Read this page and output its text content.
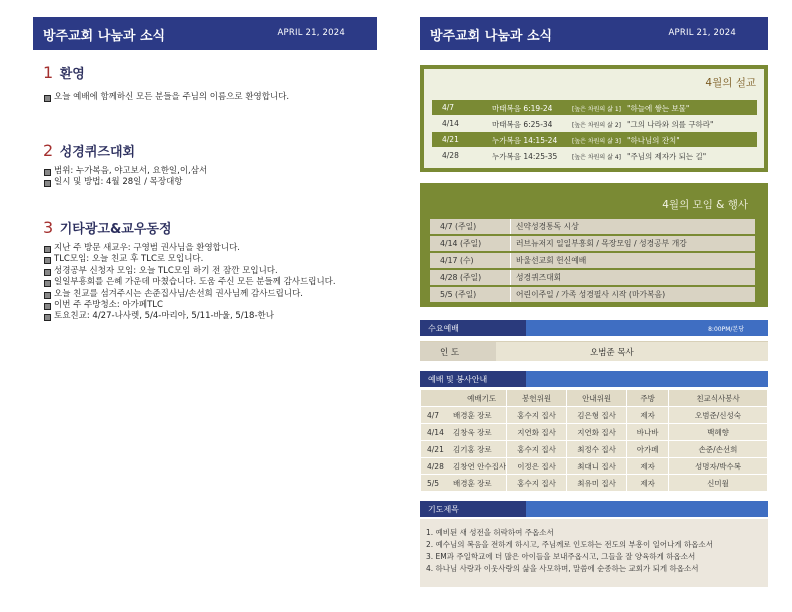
방주교회 나눔과 소식	APRIL 21, 2024
1 환영
오늘 예배에 함께하신 모든 분들을 주님의 이름으로 환영합니다.
2 성경퀴즈대회
범위: 누가복음, 야고보서, 요한일,이,삼서
일시 및 방법: 4월 28일 / 목장대항
3 기타광고&교우동정
지난 주 방문 새교우: 구영범 권사님을 환영합니다.
TLC모임: 오늘 친교 후 TLC로 모입니다.
성경공부 신청자 모임: 오늘 TLC모임 하기 전 잠깐 모입니다.
일일부흥회를 은혜 가운데 마쳤습니다. 도움 주신 모든 분들께 감사드립니다.
오늘 친교를 섬겨주시는 손준집사님/손선희 권사님께 감사드립니다.
이번 주 주방청소: 아가페TLC
토요친교: 4/27-나사렛, 5/4-마리아, 5/11-바울, 5/18-한나
방주교회 나눔과 소식	APRIL 21, 2024
4월의 설교
4/7	마태복음 6:19-24	[높은 차원의 삶 1] "하늘에 쌓는 보물"
4/14	마태복음 6:25-34	[높은 차원의 삶 2] "그의 나라와 의를 구하라"
4/21	누가복음 14:15-24 [높은 차원의 삶 3] "하나님의 잔치"
4/28	누가복음 14:25-35 [높은 차원의 삶 4] "주님의 제자가 되는 길"
4월의 모임 & 행사
4/7 (주일)	신약성경통독 시상
4/14 (주일)	러브뉴저지 일일부흥회 / 목장모임 / 성경공부 개강
4/17 (수)	바울선교회 헌신예배
4/28 (주일)	성경퀴즈대회
5/5 (주일)	어린이주일 / 가족 성경필사 시작 (마가복음)
수요예배	8:00PM/본당
인 도	오범준 목사
예배 및 봉사안내
예배기도	봉헌위원	안내위원	주방	친교식사봉사
4/7 배경훈 장로	홍수지 집사	김은형 집사	제자	오범준/신성숙
4/14 김창욱 장로	지연화 집사	지연화 집사	바나바	백혜향
4/21 김기홍 장로	홍수지 집사	최정수 집사	아가페	손준/손선희
4/28 김창연 안수집사	이정은 집사	최대니 집사	제자	성명자/박수복
5/5 배경훈 장로	홍수지 집사	최유미 집사	제자	신미월
기도제목
1. 예비된 새 성전을 허락하여 주옵소서
2. 예수님의 복음을 전하게 하시고, 주님께로 인도하는 전도의 부흥이 일어나게 하옵소서
3. EM과 주일학교에 더 많은 아이들을 보내주옵시고, 그들을 잘 양육하게 하옵소서
4. 하나님 사랑과 이웃사랑의 삶을 사모하며, 말씀에 순종하는 교회가 되게 하옵소서
